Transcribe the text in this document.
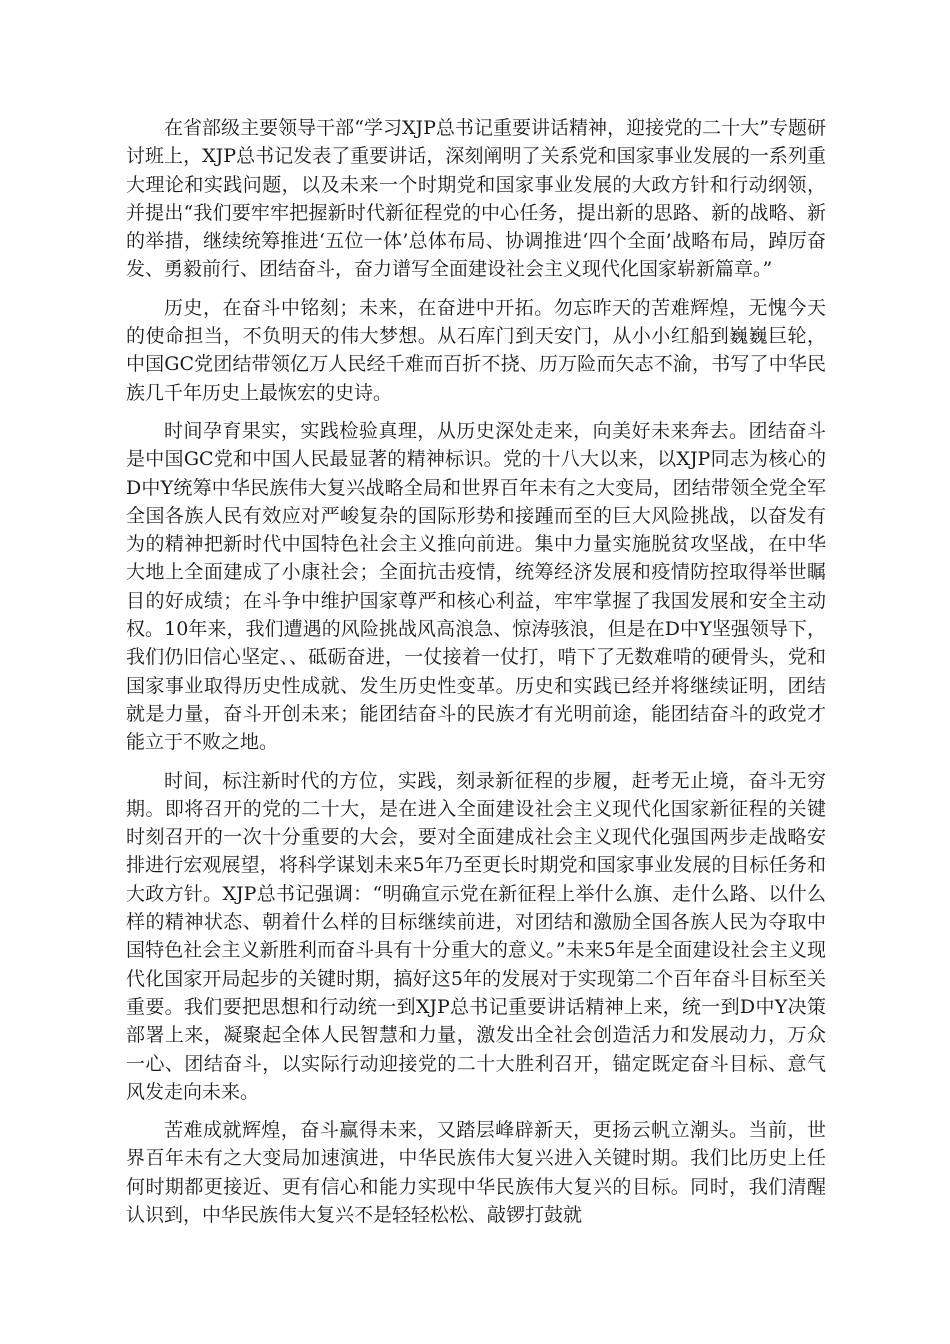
在省部级主要领导干部“学习XJP总书记重要讲话精神，迎接党的二十大”专题研讨班上，XJP总书记发表了重要讲话，深刻阐明了关系党和国家事业发展的一系列重大理论和实践问题，以及未来一个时期党和国家事业发展的大政方针和行动纲领，并提出“我们要牢牢把握新时代新征程党的中心任务，提出新的思路、新的战略、新的举措，继续统筹推进‘五位一体’总体布局、协调推进‘四个全面’战略布局，踔厉奋发、勇毅前行、团结奋斗，奋力谱写全面建设社会主义现代化国家崭新篇章。”

历史，在奋斗中铭刻；未来，在奋进中开拓。勿忘昨天的苦难辉煌，无愧今天的使命担当，不负明天的伟大梦想。从石库门到天安门，从小小红船到巍巍巨轮，中国GC党团结带领亿万人民经千难而百折不挠、历万险而矢志不渝，书写了中华民族几千年历史上最恢宏的史诗。

时间孕育果实，实践检验真理，从历史深处走来，向美好未来奔去。团结奋斗是中国GC党和中国人民最显著的精神标识。党的十八大以来，以XJP同志为核心的D中Y统筹中华民族伟大复兴战略全局和世界百年未有之大变局，团结带领全党全军全国各族人民有效应对严峻复杂的国际形势和接踵而至的巨大风险挑战，以奋发有为的精神把新时代中国特色社会主义推向前进。集中力量实施脱贫攻坚战，在中华大地上全面建成了小康社会；全面抗击疫情，统筹经济发展和疫情防控取得举世瞩目的好成绩；在斗争中维护国家尊严和核心利益，牢牢掌握了我国发展和安全主动权。10年来，我们遭遇的风险挑战风高浪急、惊涛骇浪，但是在D中Y坚强领导下，我们仍旧信心坚定、、砥砺奋进，一仗接着一仗打，啃下了无数难啃的硬骨头，党和国家事业取得历史性成就、发生历史性变革。历史和实践已经并将继续证明，团结就是力量，奋斗开创未来；能团结奋斗的民族才有光明前途，能团结奋斗的政党才能立于不败之地。

时间，标注新时代的方位，实践，刻录新征程的步履，赶考无止境，奋斗无穷期。即将召开的党的二十大，是在进入全面建设社会主义现代化国家新征程的关键时刻召开的一次十分重要的大会，要对全面建成社会主义现代化强国两步走战略安排进行宏观展望，将科学谋划未来5年乃至更长时期党和国家事业发展的目标任务和大政方针。XJP总书记强调：“明确宣示党在新征程上举什么旗、走什么路、以什么样的精神状态、朝着什么样的目标继续前进，对团结和激励全国各族人民为夺取中国特色社会主义新胜利而奋斗具有十分重大的意义。”未来5年是全面建设社会主义现代化国家开局起步的关键时期，搞好这5年的发展对于实现第二个百年奋斗目标至关重要。我们要把思想和行动统一到XJP总书记重要讲话精神上来，统一到D中Y决策部署上来，凝聚起全体人民智慧和力量，激发出全社会创造活力和发展动力，万众一心、团结奋斗，以实际行动迎接党的二十大胜利召开，锚定既定奋斗目标、意气风发走向未来。

苦难成就辉煌，奋斗赢得未来，又踏层峰辟新天，更扬云帆立潮头。当前，世界百年未有之大变局加速演进，中华民族伟大复兴进入关键时期。我们比历史上任何时期都更接近、更有信心和能力实现中华民族伟大复兴的目标。同时，我们清醒认识到，中华民族伟大复兴不是轻轻松松、敲锣打鼓就
